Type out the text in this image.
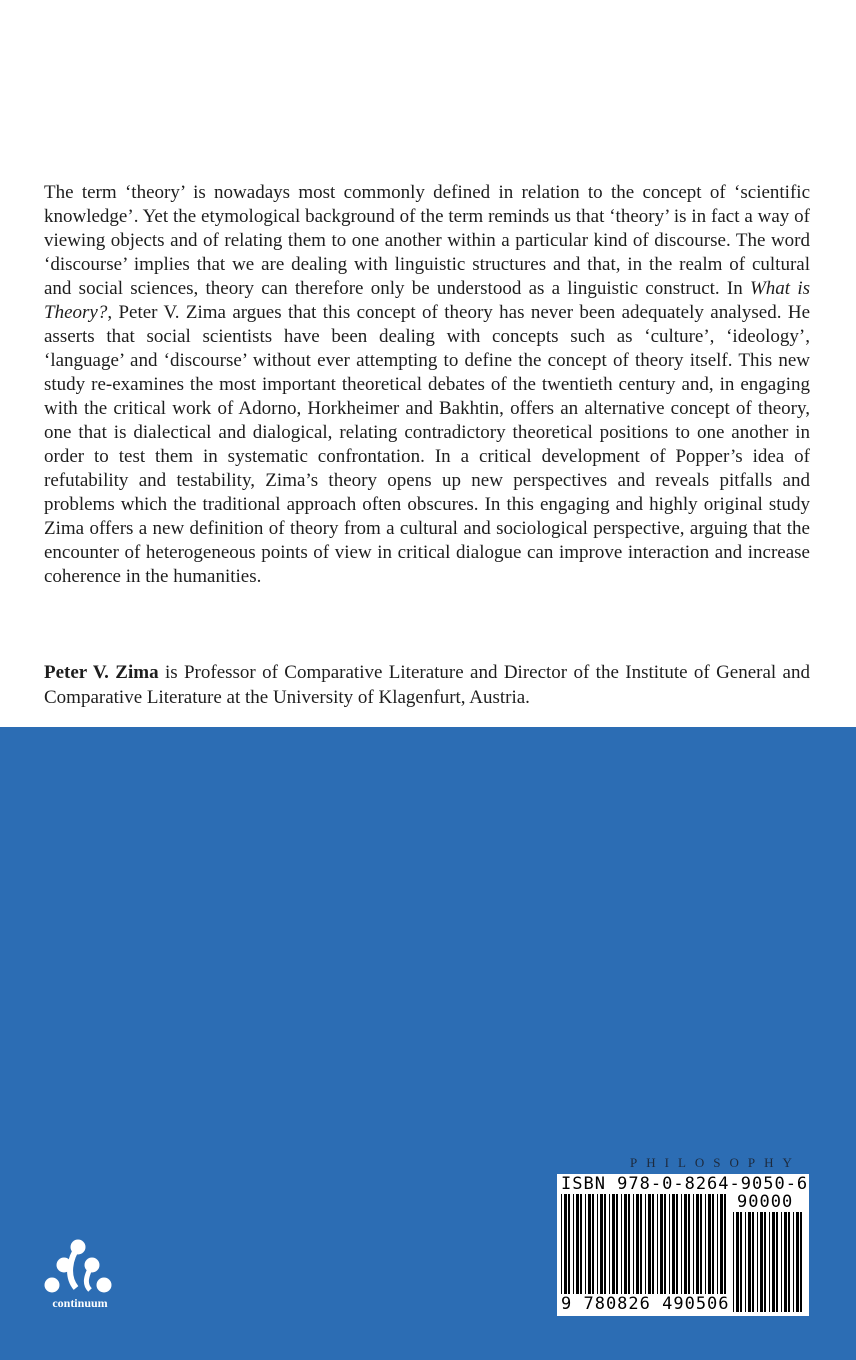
The term ‘theory’ is nowadays most commonly defined in relation to the concept of ‘scientific knowledge’. Yet the etymological background of the term reminds us that ‘theory’ is in fact a way of viewing objects and of relating them to one another within a particular kind of discourse. The word ‘discourse’ implies that we are dealing with linguistic structures and that, in the realm of cultural and social sciences, theory can therefore only be understood as a linguistic construct. In What is Theory?, Peter V. Zima argues that this concept of theory has never been adequately analysed. He asserts that social scientists have been dealing with concepts such as ‘culture’, ‘ideology’, ‘language’ and ‘discourse’ without ever attempting to define the concept of theory itself. This new study re-examines the most important theoretical debates of the twentieth century and, in engaging with the critical work of Adorno, Horkheimer and Bakhtin, offers an alternative concept of theory, one that is dialectical and dialogical, relating contradictory theoretical positions to one another in order to test them in systematic confrontation. In a critical development of Popper’s idea of refutability and testability, Zima’s theory opens up new perspectives and reveals pitfalls and problems which the traditional approach often obscures. In this engaging and highly original study Zima offers a new definition of theory from a cultural and sociological perspective, arguing that the encounter of heterogeneous points of view in critical dialogue can improve interaction and increase coherence in the humanities.

Peter V. Zima is Professor of Comparative Literature and Director of the Institute of General and Comparative Literature at the University of Klagenfurt, Austria.

continuum
PHILOSOPHY
ISBN 978-0-8264-9050-6
90000
9 780826 490506
